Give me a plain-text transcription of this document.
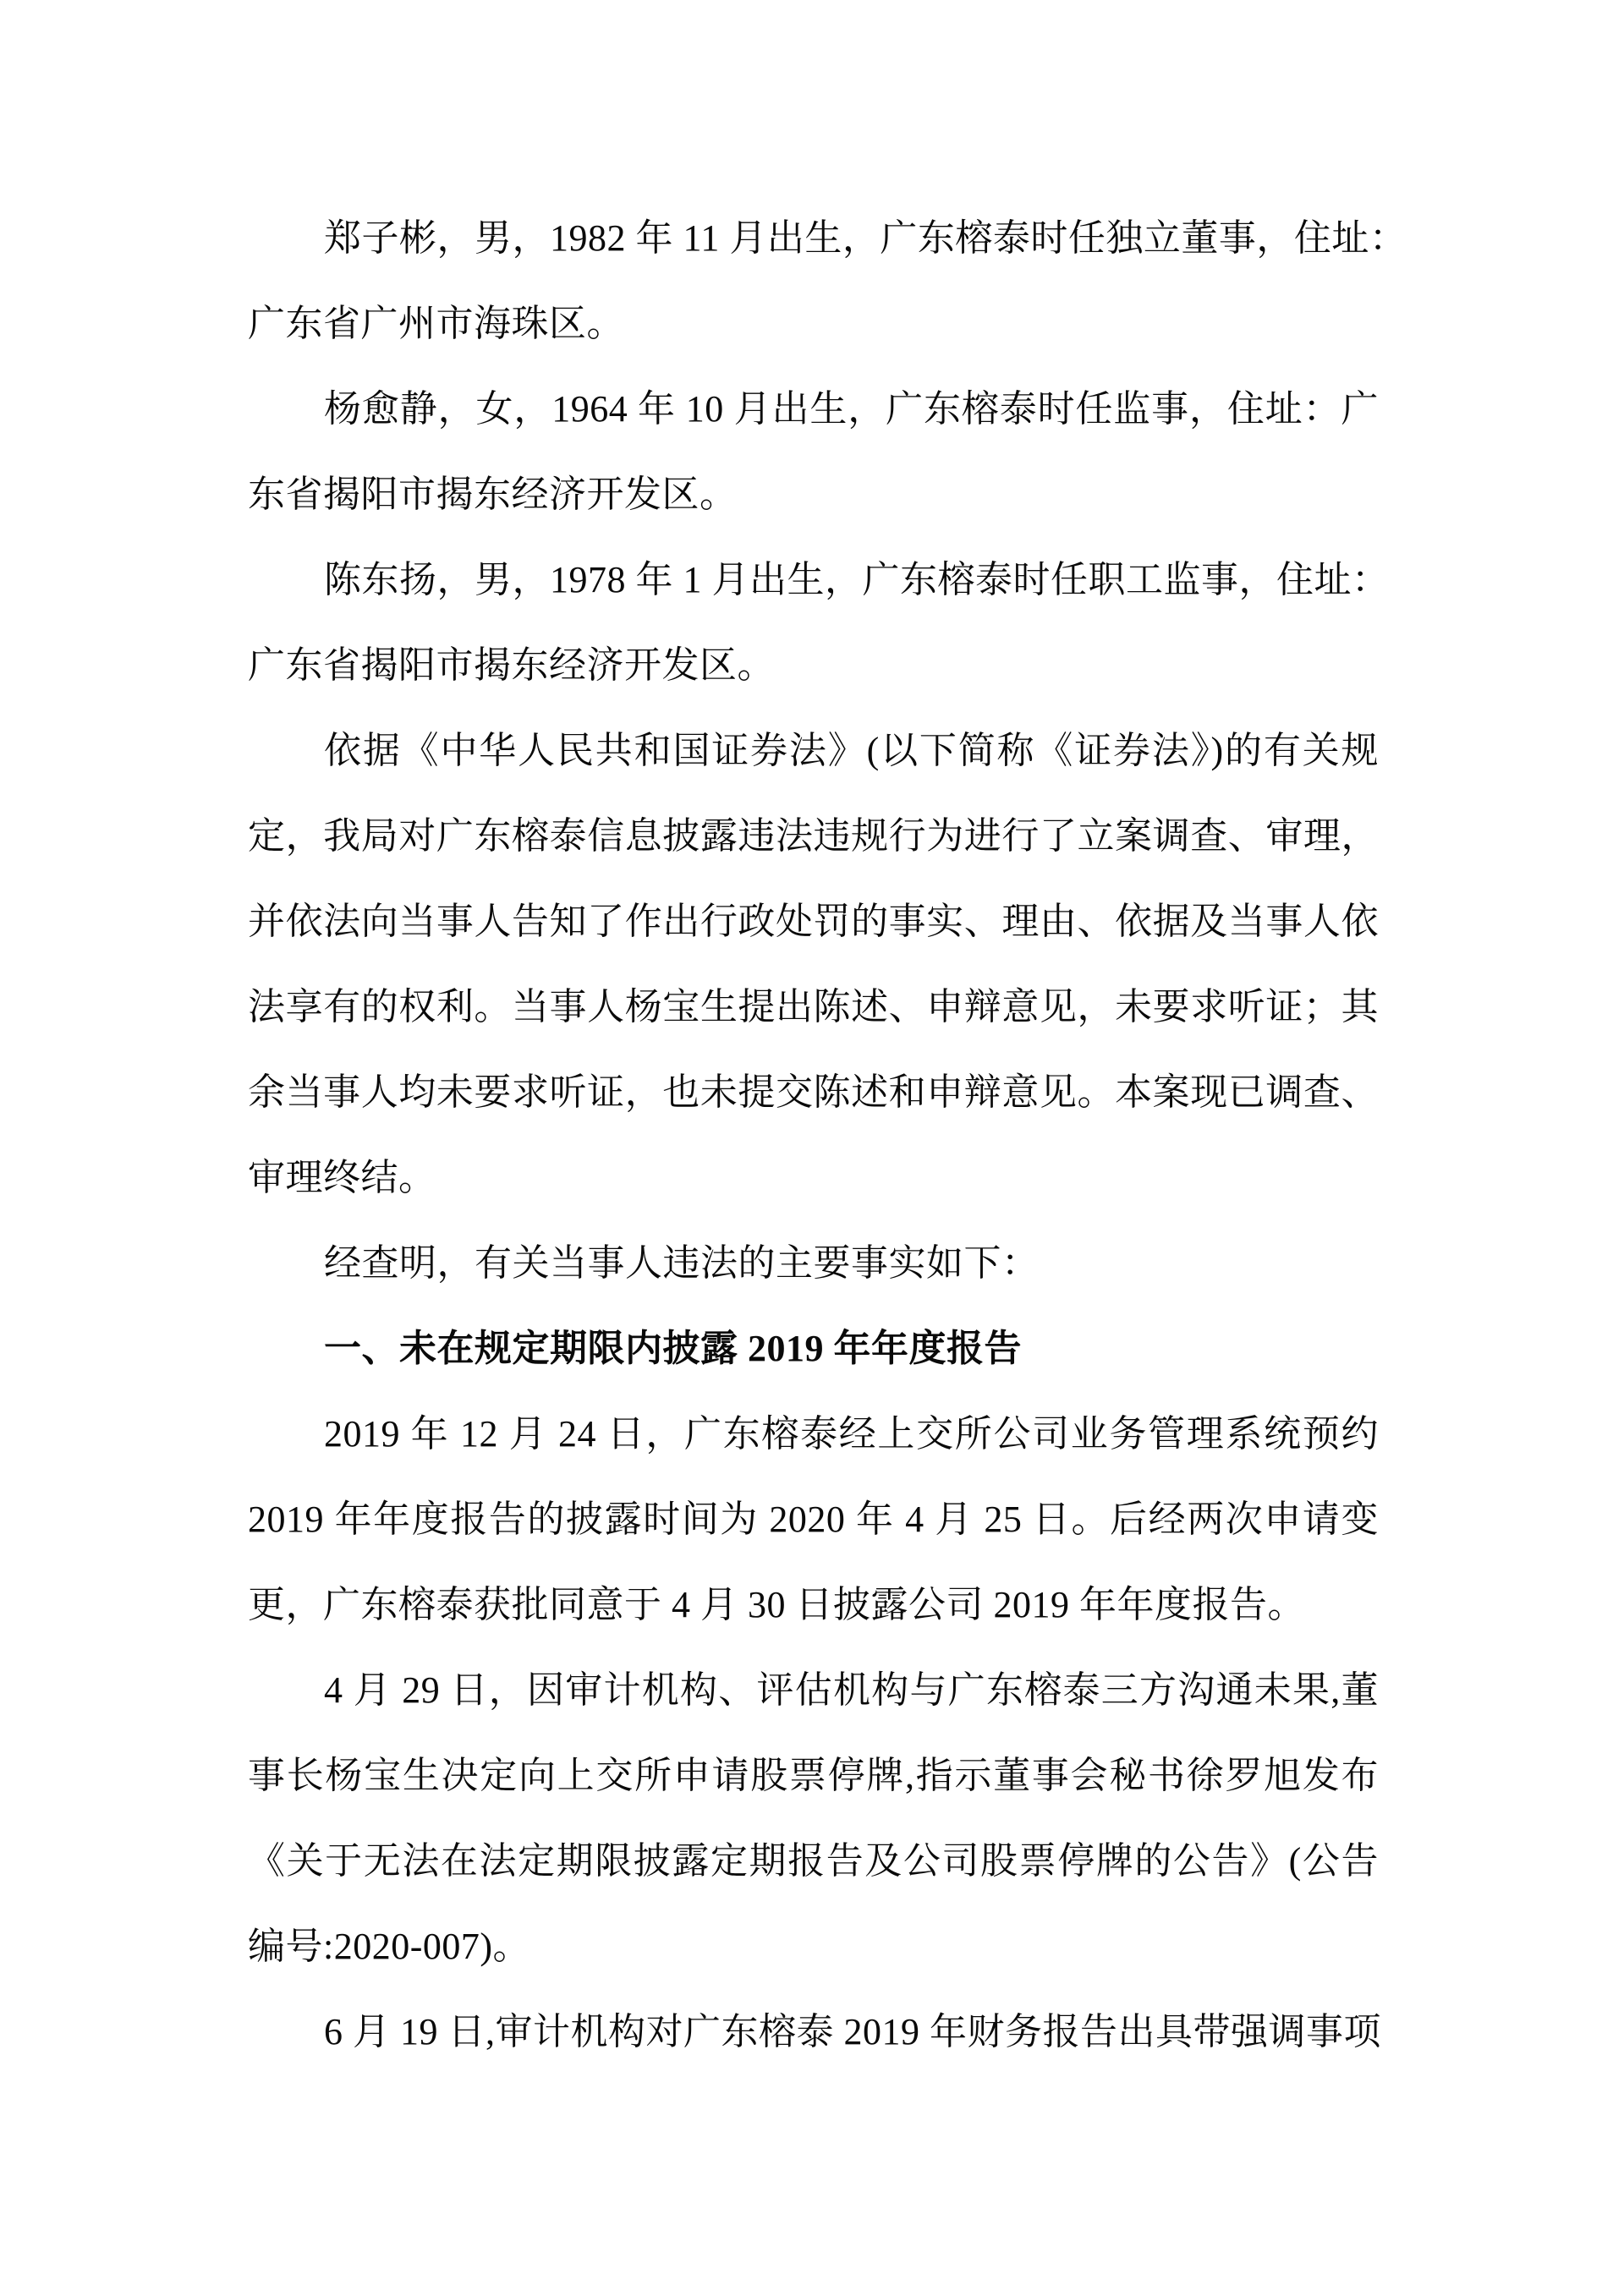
郑子彬，男，1982 年 11 月出生，广东榕泰时任独立董事，住址：
广东省广州市海珠区。
杨愈静，女，1964 年 10 月出生，广东榕泰时任监事，住址：广
东省揭阳市揭东经济开发区。
陈东扬，男，1978 年 1 月出生，广东榕泰时任职工监事，住址：
广东省揭阳市揭东经济开发区。
依据《中华人民共和国证券法》(以下简称《证券法》)的有关规
定，我局对广东榕泰信息披露违法违规行为进行了立案调查、审理，
并依法向当事人告知了作出行政处罚的事实、理由、依据及当事人依
法享有的权利。当事人杨宝生提出陈述、申辩意见，未要求听证；其
余当事人均未要求听证，也未提交陈述和申辩意见。本案现已调查、
审理终结。
经查明，有关当事人违法的主要事实如下：
一、未在规定期限内披露 2019 年年度报告
2019 年 12 月 24 日，广东榕泰经上交所公司业务管理系统预约
2019 年年度报告的披露时间为 2020 年 4 月 25 日。后经两次申请变
更，广东榕泰获批同意于 4 月 30 日披露公司 2019 年年度报告。
4 月 29 日，因审计机构、评估机构与广东榕泰三方沟通未果,董
事长杨宝生决定向上交所申请股票停牌,指示董事会秘书徐罗旭发布
《关于无法在法定期限披露定期报告及公司股票停牌的公告》(公告
编号:2020-007)。
6 月 19 日,审计机构对广东榕泰 2019 年财务报告出具带强调事项
